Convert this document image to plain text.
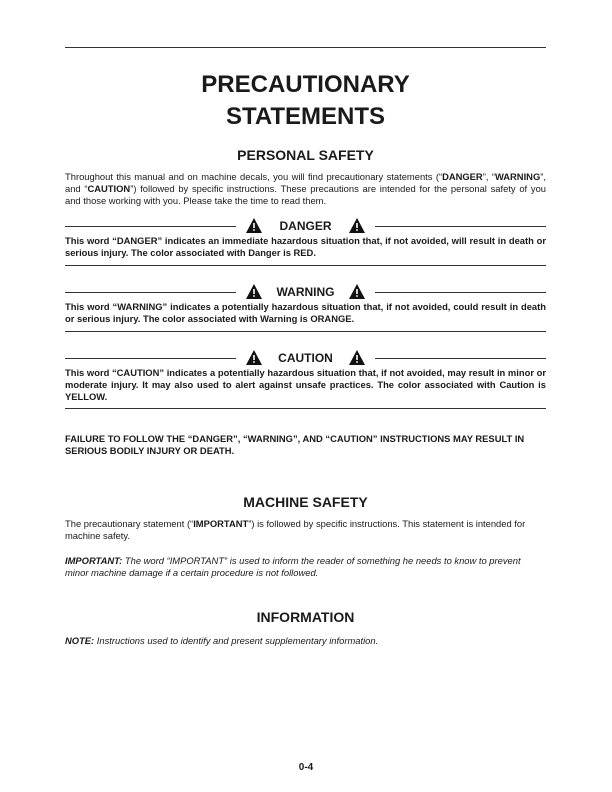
PRECAUTIONARY
STATEMENTS
PERSONAL SAFETY
Throughout this manual and on machine decals, you will find precautionary statements (“DANGER”, “WARNING”, and “CAUTION”) followed by specific instructions. These precautions are intended for the personal safety of you and those working with you. Please take the time to read them.
DANGER
This word “DANGER” indicates an immediate hazardous situation that, if not avoided, will result in death or serious injury. The color associated with Danger is RED.
WARNING
This word “WARNING” indicates a potentially hazardous situation that, if not avoided, could result in death or serious injury. The color associated with Warning is ORANGE.
CAUTION
This word “CAUTION” indicates a potentially hazardous situation that, if not avoided, may result in minor or moderate injury. It may also used to alert against unsafe practices. The color associated with Caution is YELLOW.
FAILURE TO FOLLOW THE “DANGER”, “WARNING”, AND “CAUTION” INSTRUCTIONS MAY RESULT IN SERIOUS BODILY INJURY OR DEATH.
MACHINE SAFETY
The precautionary statement (“IMPORTANT”) is followed by specific instructions. This statement is intended for machine safety.
IMPORTANT: The word “IMPORTANT” is used to inform the reader of something he needs to know to prevent minor machine damage if a certain procedure is not followed.
INFORMATION
NOTE: Instructions used to identify and present supplementary information.
0-4
